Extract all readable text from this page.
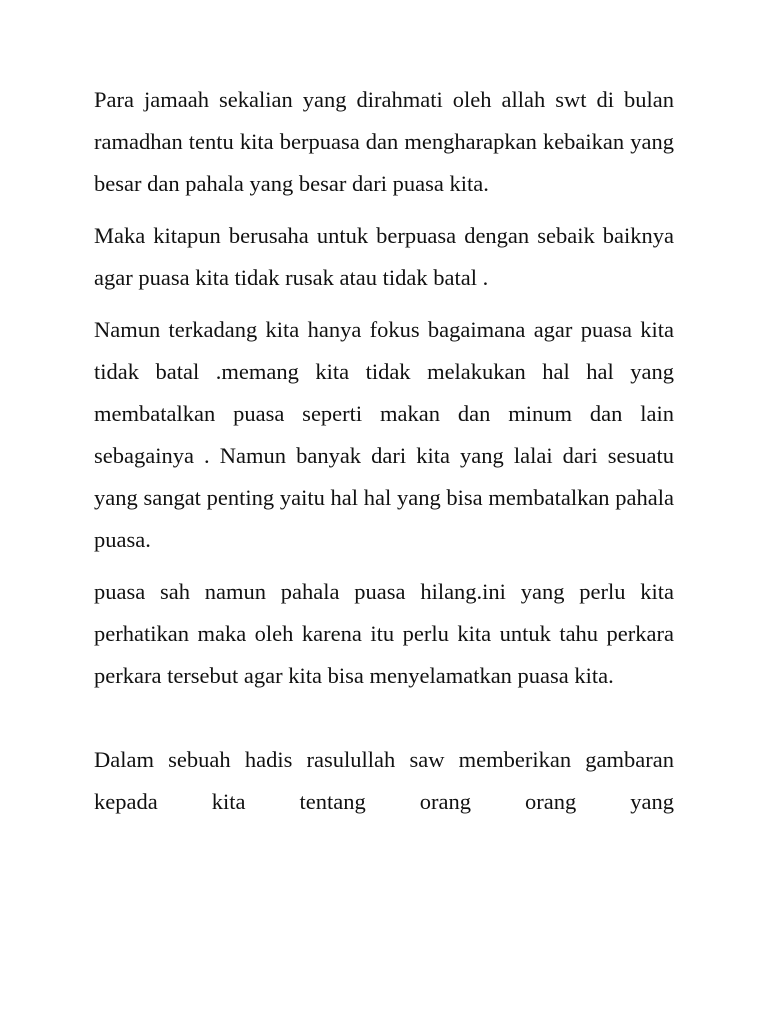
Para jamaah sekalian yang dirahmati oleh allah swt di bulan ramadhan tentu kita berpuasa dan mengharapkan kebaikan yang besar dan pahala yang besar dari puasa kita.

Maka kitapun berusaha untuk berpuasa dengan sebaik baiknya agar puasa kita tidak rusak atau tidak batal .

Namun terkadang kita hanya fokus bagaimana agar puasa kita tidak batal .memang kita tidak melakukan hal hal yang membatalkan puasa seperti makan dan minum dan lain sebagainya . Namun banyak dari kita yang lalai dari sesuatu yang sangat penting yaitu hal hal yang bisa membatalkan pahala puasa.

puasa sah namun pahala puasa hilang.ini yang perlu kita perhatikan maka oleh karena itu perlu kita untuk tahu perkara perkara tersebut agar kita bisa menyelamatkan puasa kita.

Dalam sebuah hadis rasulullah saw memberikan gambaran kepada kita tentang orang orang yang
